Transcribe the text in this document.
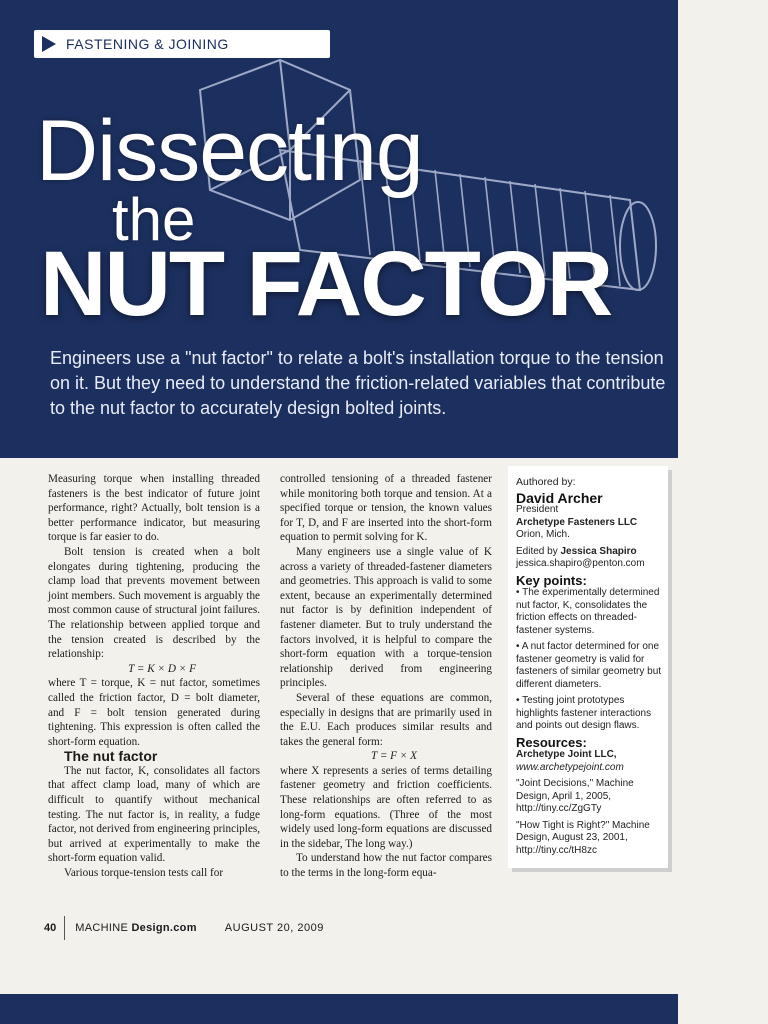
FASTENING & JOINING
Dissecting
the
NUT FACTOR
Engineers use a "nut factor" to relate a bolt's installation torque to the tension on it. But they need to understand the friction-related variables that contribute to the nut factor to accurately design bolted joints.

Measuring torque when installing threaded fasteners is the best indicator of future joint performance, right? Actually, bolt tension is a better performance indicator, but measuring torque is far easier to do.

Bolt tension is created when a bolt elongates during tightening, producing the clamp load that prevents movement between joint members. Such movement is arguably the most common cause of structural joint failures. The relationship between applied torque and the tension created is described by the relationship:

T = K × D × F

where T = torque, K = nut factor, sometimes called the friction factor, D = bolt diameter, and F = bolt tension generated during tightening. This expression is often called the short-form equation.

The nut factor

The nut factor, K, consolidates all factors that affect clamp load, many of which are difficult to quantify without mechanical testing. The nut factor is, in reality, a fudge factor, not derived from engineering principles, but arrived at experimentally to make the short-form equation valid.

Various torque-tension tests call for

controlled tensioning of a threaded fastener while monitoring both torque and tension. At a specified torque or tension, the known values for T, D, and F are inserted into the short-form equation to permit solving for K.

Many engineers use a single value of K across a variety of threaded-fastener diameters and geometries. This approach is valid to some extent, because an experimentally determined nut factor is by definition independent of fastener diameter. But to truly understand the factors involved, it is helpful to compare the short-form equation with a torque-tension relationship derived from engineering principles.

Several of these equations are common, especially in designs that are primarily used in the E.U. Each produces similar results and takes the general form:

T = F × X

where X represents a series of terms detailing fastener geometry and friction coefficients. These relationships are often referred to as long-form equations. (Three of the most widely used long-form equations are discussed in the sidebar, The long way.)

To understand how the nut factor compares to the terms in the long-form equa-

Authored by:
David Archer
President
Archetype Fasteners LLC
Orion, Mich.
Edited by Jessica Shapiro
jessica.shapiro@penton.com
Key points:
• The experimentally determined nut factor, K, consolidates the friction effects on threaded-fastener systems.
• A nut factor determined for one fastener geometry is valid for fasteners of similar geometry but different diameters.
• Testing joint prototypes highlights fastener interactions and points out design flaws.
Resources:
Archetype Joint LLC,
www.archetypejoint.com
"Joint Decisions," Machine Design, April 1, 2005, http://tiny.cc/ZgGTy
"How Tight is Right?" Machine Design, August 23, 2001, http://tiny.cc/tH8zc
40 MACHINE Design.com	AUGUST 20, 2009
